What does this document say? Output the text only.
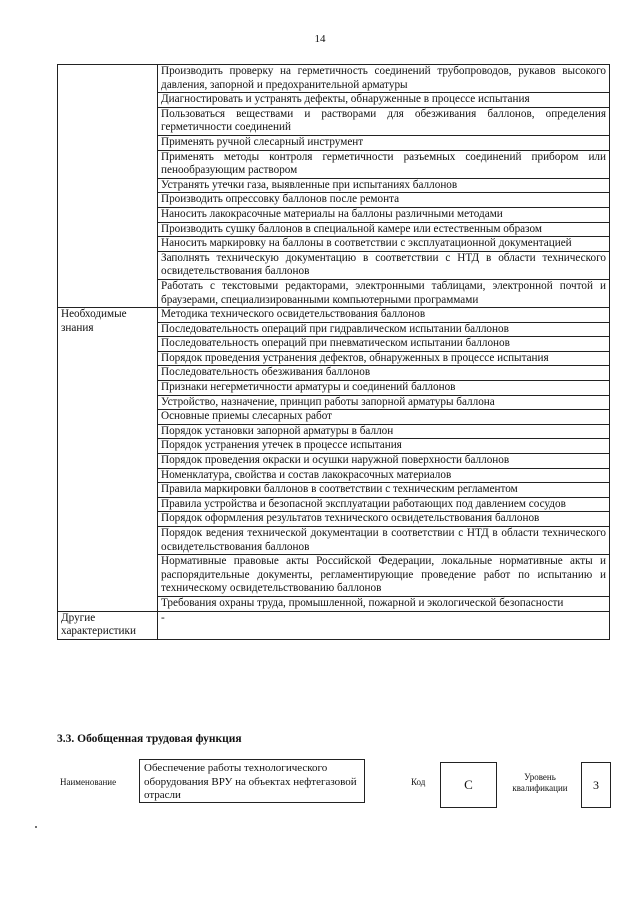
14
	Производить проверку на герметичность соединений трубопроводов, рукавов высокого давления, запорной и предохранительной арматуры
	Диагностировать и устранять дефекты, обнаруженные в процессе испытания
	Пользоваться веществами и растворами для обезживания баллонов, определения герметичности соединений
	Применять ручной слесарный инструмент
	Применять методы контроля герметичности разъемных соединений прибором или пенообразующим раствором
	Устранять утечки газа, выявленные при испытаниях баллонов
	Производить опрессовку баллонов после ремонта
	Наносить лакокрасочные материалы на баллоны различными методами
	Производить сушку баллонов в специальной камере или естественным образом
	Наносить маркировку на баллоны в соответствии с эксплуатационной документацией
	Заполнять техническую документацию в соответствии с НТД в области технического освидетельствования баллонов
	Работать с текстовыми редакторами, электронными таблицами, электронной почтой и браузерами, специализированными компьютерными программами
Необходимые знания	Методика технического освидетельствования баллонов
	Последовательность операций при гидравлическом испытании баллонов
	Последовательность операций при пневматическом испытании баллонов
	Порядок проведения устранения дефектов, обнаруженных в процессе испытания
	Последовательность обезживания баллонов
	Признаки негерметичности арматуры и соединений баллонов
	Устройство, назначение, принцип работы запорной арматуры баллона
	Основные приемы слесарных работ
	Порядок установки запорной арматуры в баллон
	Порядок устранения утечек в процессе испытания
	Порядок проведения окраски и осушки наружной поверхности баллонов
	Номенклатура, свойства и состав лакокрасочных материалов
	Правила маркировки баллонов в соответствии с техническим регламентом
	Правила устройства и безопасной эксплуатации работающих под давлением сосудов
	Порядок оформления результатов технического освидетельствования баллонов
	Порядок ведения технической документации в соответствии с НТД в области технического освидетельствования баллонов
	Нормативные правовые акты Российской Федерации, локальные нормативные акты и распорядительные документы, регламентирующие проведение работ по испытанию и техническому освидетельствованию баллонов
	Требования охраны труда, промышленной, пожарной и экологической безопасности
Другие характеристики	-
3.3. Обобщенная трудовая функция
Наименование
Обеспечение работы технологического оборудования ВРУ на объектах нефтегазовой отрасли
Код	C	Уровень квалификации	3
